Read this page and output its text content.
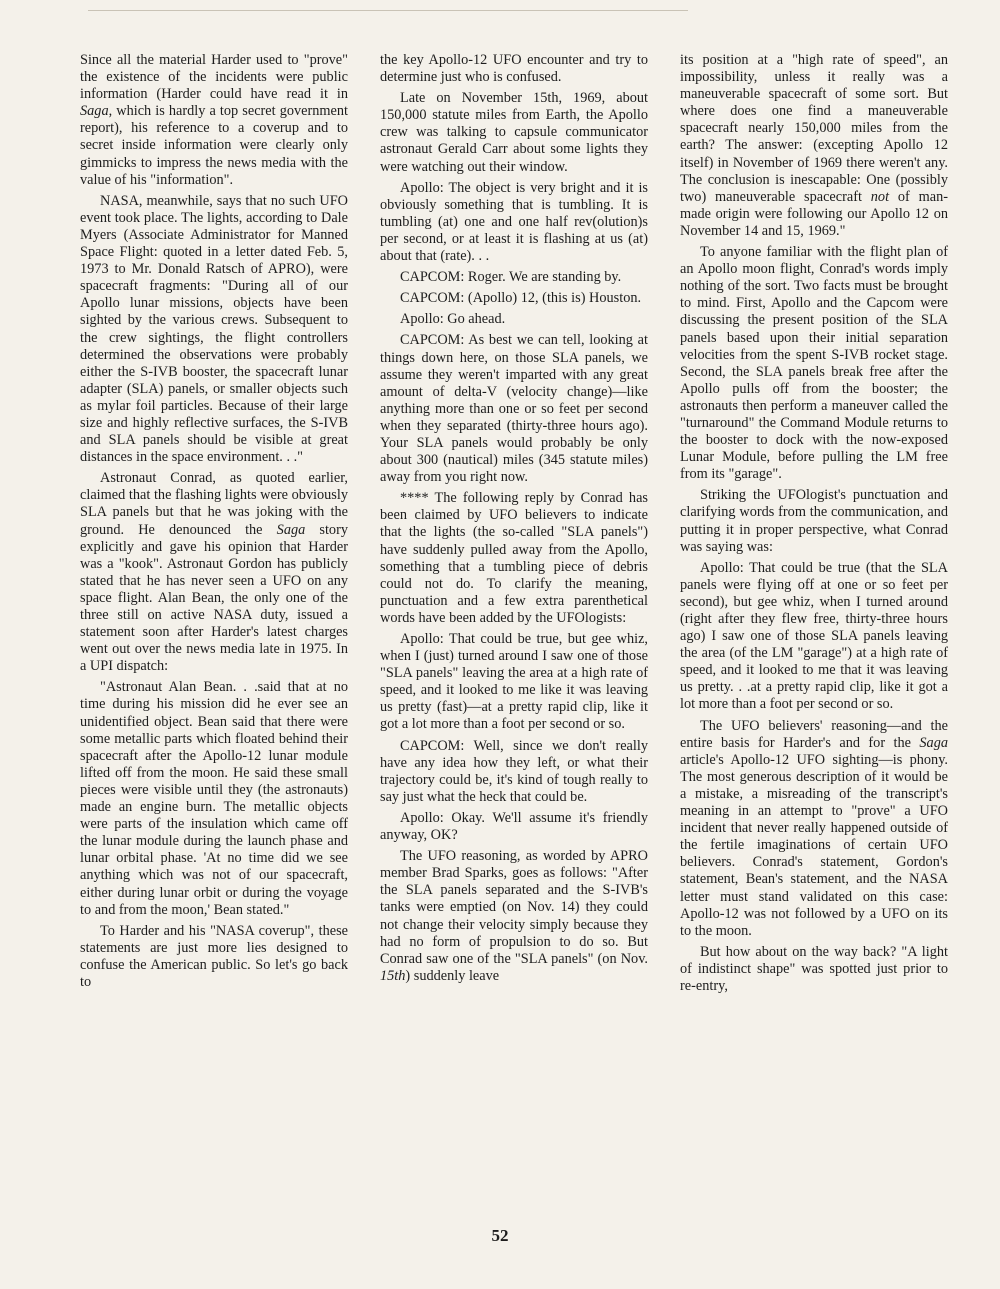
Since all the material Harder used to "prove" the existence of the incidents were public information (Harder could have read it in Saga, which is hardly a top secret government report), his reference to a coverup and to secret inside information were clearly only gimmicks to impress the news media with the value of his "information".

NASA, meanwhile, says that no such UFO event took place. The lights, according to Dale Myers (Associate Administrator for Manned Space Flight: quoted in a letter dated Feb. 5, 1973 to Mr. Donald Ratsch of APRO), were spacecraft fragments: "During all of our Apollo lunar missions, objects have been sighted by the various crews. Subsequent to the crew sightings, the flight controllers determined the observations were probably either the S-IVB booster, the spacecraft lunar adapter (SLA) panels, or smaller objects such as mylar foil particles. Because of their large size and highly reflective surfaces, the S-IVB and SLA panels should be visible at great distances in the space environment. . ."

Astronaut Conrad, as quoted earlier, claimed that the flashing lights were obviously SLA panels but that he was joking with the ground. He denounced the Saga story explicitly and gave his opinion that Harder was a "kook". Astronaut Gordon has publicly stated that he has never seen a UFO on any space flight. Alan Bean, the only one of the three still on active NASA duty, issued a statement soon after Harder's latest charges went out over the news media late in 1975. In a UPI dispatch:

"Astronaut Alan Bean. . .said that at no time during his mission did he ever see an unidentified object. Bean said that there were some metallic parts which floated behind their spacecraft after the Apollo-12 lunar module lifted off from the moon. He said these small pieces were visible until they (the astronauts) made an engine burn. The metallic objects were parts of the insulation which came off the lunar module during the launch phase and lunar orbital phase. 'At no time did we see anything which was not of our spacecraft, either during lunar orbit or during the voyage to and from the moon,' Bean stated."

To Harder and his "NASA coverup", these statements are just more lies designed to confuse the American public. So let's go back to

the key Apollo-12 UFO encounter and try to determine just who is confused.

Late on November 15th, 1969, about 150,000 statute miles from Earth, the Apollo crew was talking to capsule communicator astronaut Gerald Carr about some lights they were watching out their window.

Apollo: The object is very bright and it is obviously something that is tumbling. It is tumbling (at) one and one half rev(olution)s per second, or at least it is flashing at us (at) about that (rate). . .

CAPCOM: Roger. We are standing by.

CAPCOM: (Apollo) 12, (this is) Houston.

Apollo: Go ahead.

CAPCOM: As best we can tell, looking at things down here, on those SLA panels, we assume they weren't imparted with any great amount of delta-V (velocity change)—like anything more than one or so feet per second when they separated (thirty-three hours ago). Your SLA panels would probably be only about 300 (nautical) miles (345 statute miles) away from you right now.

**** The following reply by Conrad has been claimed by UFO believers to indicate that the lights (the so-called "SLA panels") have suddenly pulled away from the Apollo, something that a tumbling piece of debris could not do. To clarify the meaning, punctuation and a few extra parenthetical words have been added by the UFOlogists:

Apollo: That could be true, but gee whiz, when I (just) turned around I saw one of those "SLA panels" leaving the area at a high rate of speed, and it looked to me like it was leaving us pretty (fast)—at a pretty rapid clip, like it got a lot more than a foot per second or so.

CAPCOM: Well, since we don't really have any idea how they left, or what their trajectory could be, it's kind of tough really to say just what the heck that could be.

Apollo: Okay. We'll assume it's friendly anyway, OK?

The UFO reasoning, as worded by APRO member Brad Sparks, goes as follows: "After the SLA panels separated and the S-IVB's tanks were emptied (on Nov. 14) they could not change their velocity simply because they had no form of propulsion to do so. But Conrad saw one of the "SLA panels" (on Nov. 15th) suddenly leave

its position at a "high rate of speed", an impossibility, unless it really was a maneuverable spacecraft of some sort. But where does one find a maneuverable spacecraft nearly 150,000 miles from the earth? The answer: (excepting Apollo 12 itself) in November of 1969 there weren't any. The conclusion is inescapable: One (possibly two) maneuverable spacecraft not of man-made origin were following our Apollo 12 on November 14 and 15, 1969."

To anyone familiar with the flight plan of an Apollo moon flight, Conrad's words imply nothing of the sort. Two facts must be brought to mind. First, Apollo and the Capcom were discussing the present position of the SLA panels based upon their initial separation velocities from the spent S-IVB rocket stage. Second, the SLA panels break free after the Apollo pulls off from the booster; the astronauts then perform a maneuver called the "turnaround" the Command Module returns to the booster to dock with the now-exposed Lunar Module, before pulling the LM free from its "garage".

Striking the UFOlogist's punctuation and clarifying words from the communication, and putting it in proper perspective, what Conrad was saying was:

Apollo: That could be true (that the SLA panels were flying off at one or so feet per second), but gee whiz, when I turned around (right after they flew free, thirty-three hours ago) I saw one of those SLA panels leaving the area (of the LM "garage") at a high rate of speed, and it looked to me that it was leaving us pretty. . .at a pretty rapid clip, like it got a lot more than a foot per second or so.

The UFO believers' reasoning—and the entire basis for Harder's and for the Saga article's Apollo-12 UFO sighting—is phony. The most generous description of it would be a mistake, a misreading of the transcript's meaning in an attempt to "prove" a UFO incident that never really happened outside of the fertile imaginations of certain UFO believers. Conrad's statement, Gordon's statement, Bean's statement, and the NASA letter must stand validated on this case: Apollo-12 was not followed by a UFO on its to the moon.

But how about on the way back? "A light of indistinct shape" was spotted just prior to re-entry,

52
